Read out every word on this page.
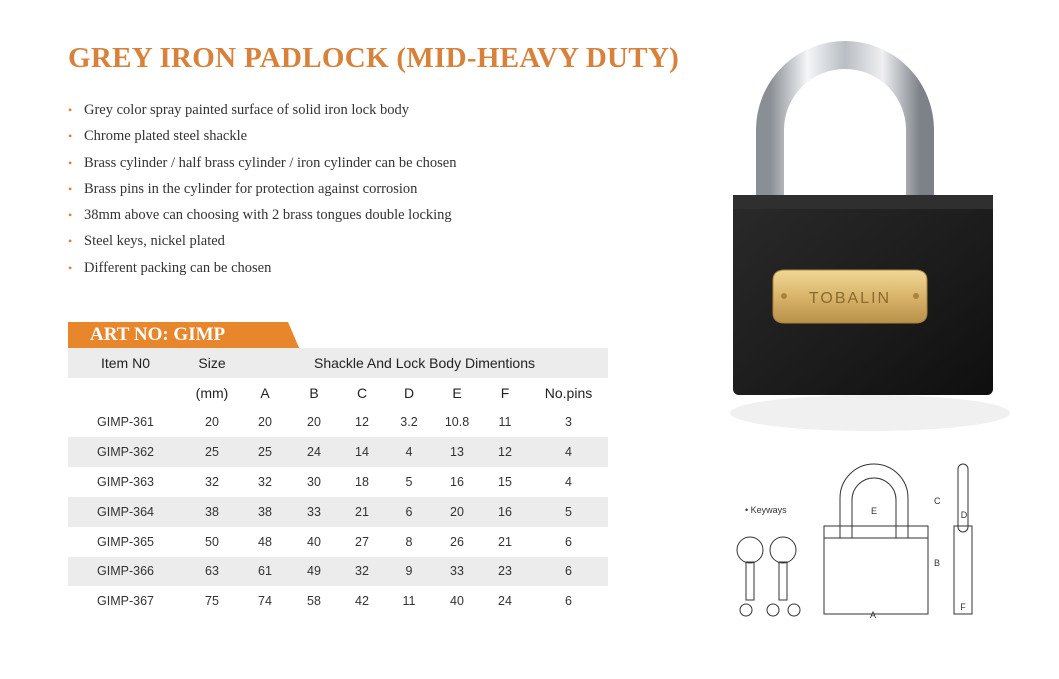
GREY IRON PADLOCK (MID-HEAVY DUTY)
• Grey color spray painted surface of solid iron lock body
• Chrome plated steel shackle
• Brass cylinder / half brass cylinder / iron cylinder can be chosen
• Brass pins in the cylinder for protection against corrosion
• 38mm above can choosing with 2 brass tongues double locking
• Steel keys, nickel plated
• Different packing can be chosen
ART NO: GIMP
Item N0	Size	Shackle And Lock Body Dimentions						
	(mm)	A	B	C	D	E	F	No.pins
GIMP-361	20	20	20	12	3.2	10.8	11	3
GIMP-362	25	25	24	14	4	13	12	4
GIMP-363	32	32	30	18	5	16	15	4
GIMP-364	38	38	33	21	6	20	16	5
GIMP-365	50	48	40	27	8	26	21	6
GIMP-366	63	61	49	32	9	33	23	6
GIMP-367	75	74	58	42	11	40	24	6
TOBALIN
• Keyways
A
B
C
D
E
F
